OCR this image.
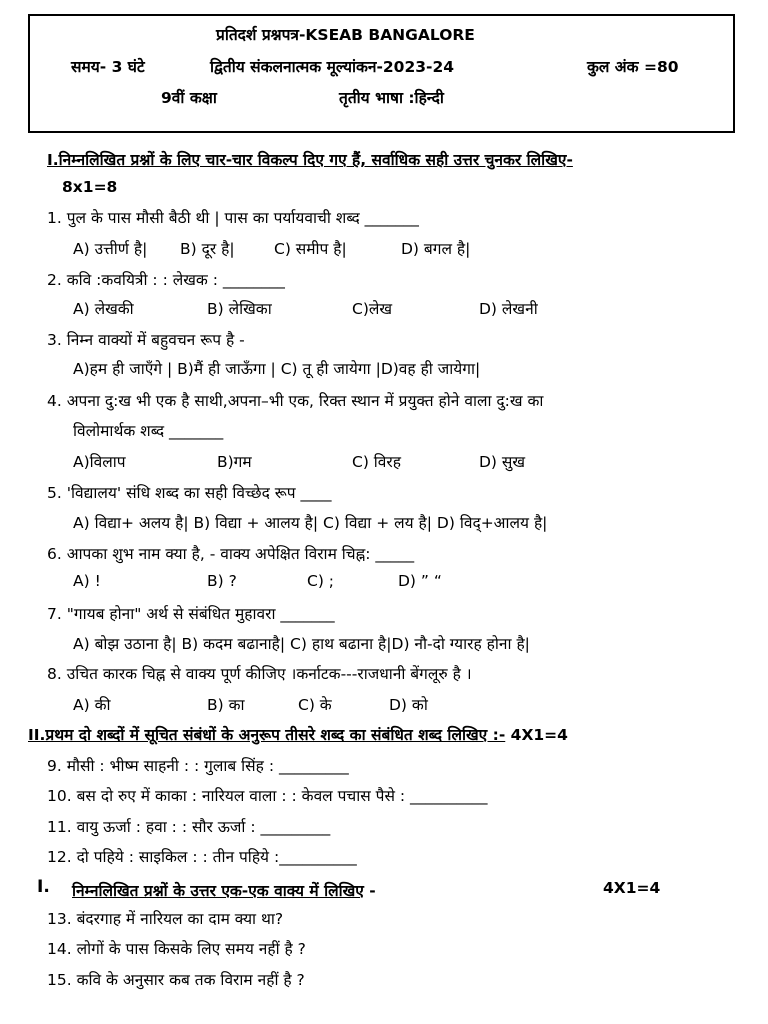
प्रतिदर्श प्रश्नपत्र-KSEAB BANGALORE
समय- 3 घंटे	द्वितीय संकलनात्मक मूल्यांकन-2023-24	कुल अंक =80
9वीं कक्षा	तृतीय भाषा :हिन्दी
I.निम्नलिखित प्रश्नों के लिए चार-चार विकल्प दिए गए हैं, सर्वाधिक सही उत्तर चुनकर लिखिए-
8x1=8
1. पुल के पास मौसी बैठी थी | पास का पर्यायवाची शब्द _______
A) उत्तीर्ण है| B) दूर है|	C) समीप है|	D) बगल है|
2. कवि :कवयित्री : : लेखक : ________
A) लेखकी	B) लेखिका	C)लेख	D) लेखनी
3. निम्न वाक्यों में बहुवचन रूप है -
A)हम ही जाएँगे | B)मैं ही जाऊँगा | C) तू ही जायेगा |D)वह ही जायेगा|
4. अपना दु:ख भी एक है साथी,अपना–भी एक, रिक्त स्थान में प्रयुक्त होने वाला दु:ख का
विलोमार्थक शब्द _______
A)विलाप	B)गम	C) विरह	D) सुख
5. 'विद्यालय' संधि शब्द का सही विच्छेद रूप ____
A) विद्या+ अलय है| B) विद्या + आलय है| C) विद्या + लय है| D) विद्+आलय है|
6. आपका शुभ नाम क्या है, - वाक्य अपेक्षित विराम चिह्न: _____
A) !	B) ?	C) ;	D) ” “
7. "गायब होना" अर्थ से संबंधित मुहावरा _______
A) बोझ उठाना है| B) कदम बढानाहै| C) हाथ बढाना है|D) नौ-दो ग्यारह होना है|
8. उचित कारक चिह्न से वाक्य पूर्ण कीजिए ।कर्नाटक---राजधानी बेंगलूरु है ।
A) की	B) का	C) के	D) को
II.प्रथम दो शब्दों में सूचित संबंधों के अनुरूप तीसरे शब्द का संबंधित शब्द लिखिए :- 4X1=4
9. मौसी : भीष्म साहनी : : गुलाब सिंह : _________
10. बस दो रुए में काका : नारियल वाला : : केवल पचास पैसे : __________
11. वायु ऊर्जा : हवा : : सौर ऊर्जा : _________
12. दो पहिये : साइकिल : : तीन पहिये :__________
I. निम्नलिखित प्रश्नों के उत्तर एक-एक वाक्य में लिखिए -	4X1=4
13. बंदरगाह में नारियल का दाम क्या था?
14. लोगों के पास किसके लिए समय नहीं है ?
15. कवि के अनुसार कब तक विराम नहीं है ?
